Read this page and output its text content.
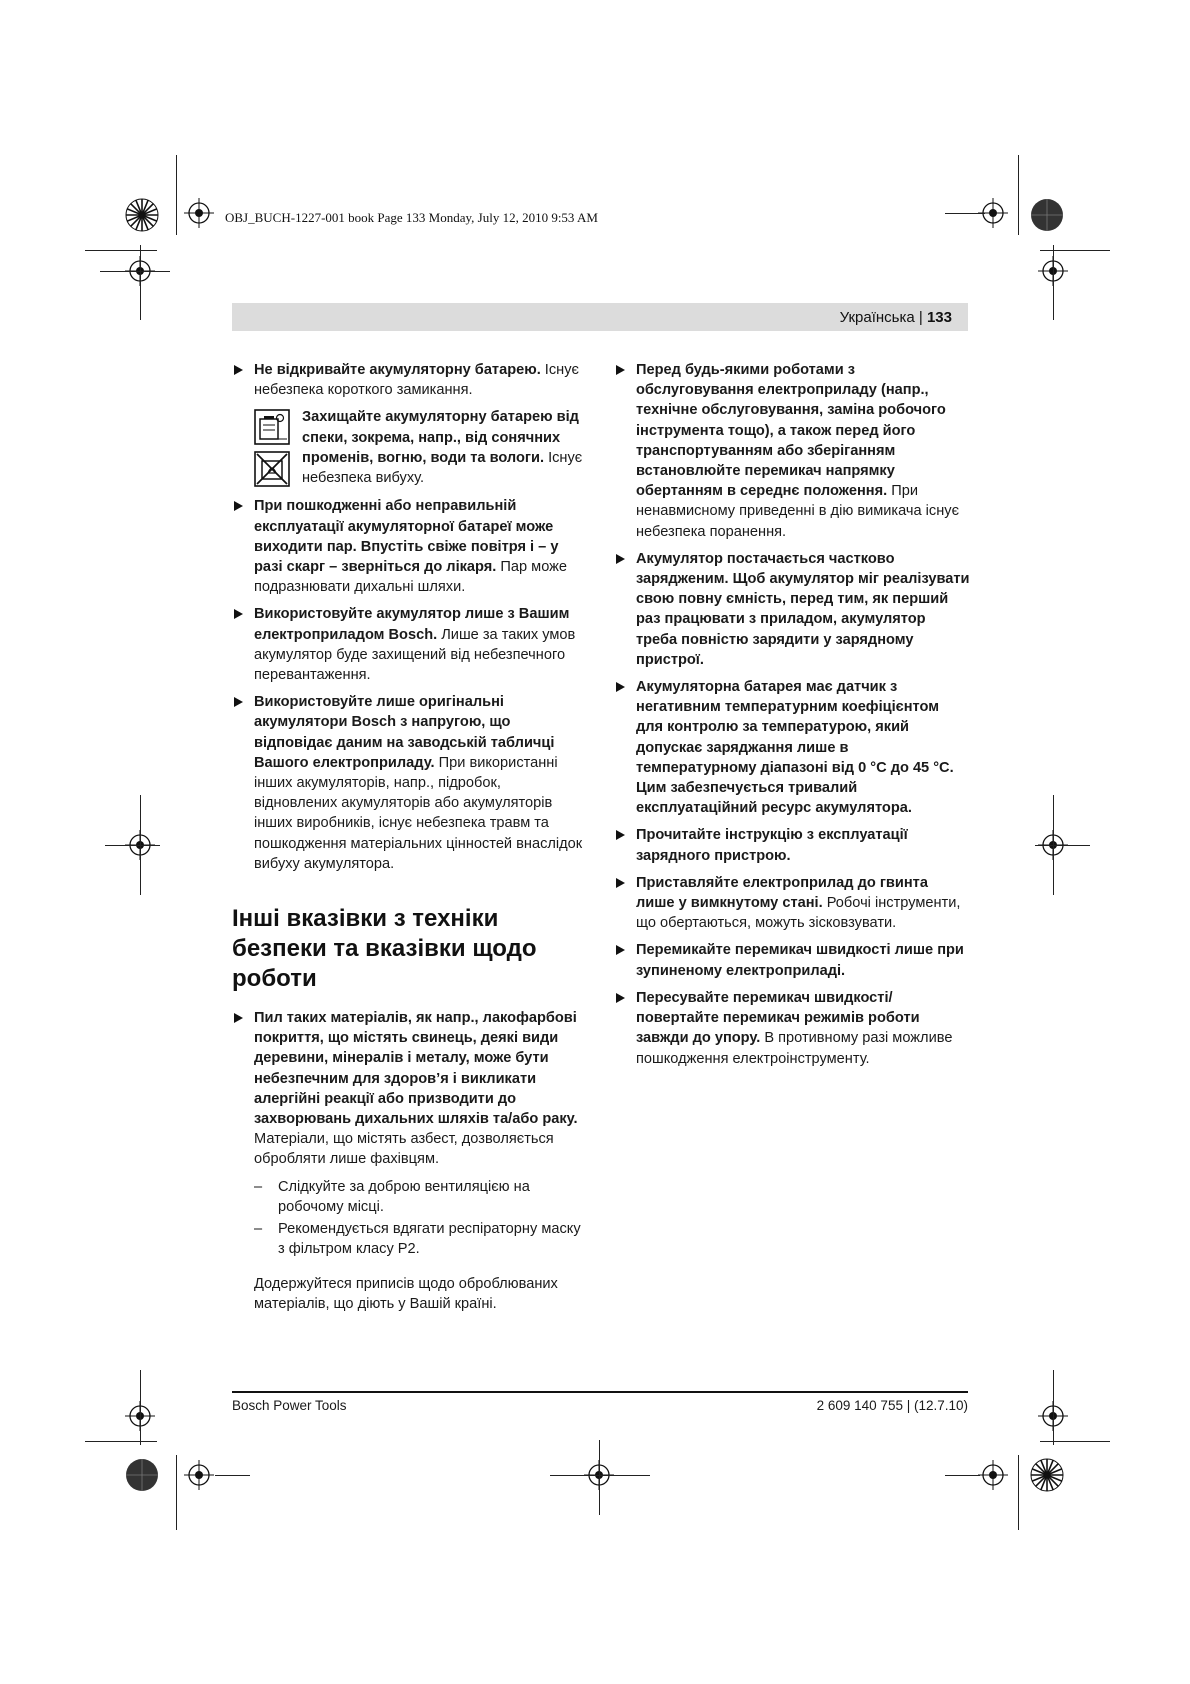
OBJ_BUCH-1227-001 book Page 133 Monday, July 12, 2010 9:53 AM
Українська | 133
Не відкривайте акумуляторну батарею. Існує небезпека короткого замикання.
Захищайте акумуляторну батарею від спеки, зокрема, напр., від сонячних променів, вогню, води та вологи. Існує небезпека вибуху.
При пошкодженні або неправильній експлуатації акумуляторної батареї може виходити пар. Впустіть свіже повітря і – у разі скарг – зверніться до лікаря. Пар може подразнювати дихальні шляхи.
Використовуйте акумулятор лише з Вашим електроприладом Bosch. Лише за таких умов акумулятор буде захищений від небезпечного перевантаження.
Використовуйте лише оригінальні акумулятори Bosch з напругою, що відповідає даним на заводській табличці Вашого електроприладу. При використанні інших акумуляторів, напр., підробок, відновлених акумуляторів або акумуляторів інших виробників, існує небезпека травм та пошкодження матеріальних цінностей внаслідок вибуху акумулятора.
Інші вказівки з техніки безпеки та вказівки щодо роботи
Пил таких матеріалів, як напр., лакофарбові покриття, що містять свинець, деякі види деревини, мінералів і металу, може бути небезпечним для здоров’я і викликати алергійні реакції або призводити до захворювань дихальних шляхів та/або раку. Матеріали, що містять азбест, дозволяється обробляти лише фахівцям.
– Слідкуйте за доброю вентиляцією на робочому місці.
– Рекомендується вдягати респіраторну маску з фільтром класу Р2.
Додержуйтеся приписів щодо оброблюваних матеріалів, що діють у Вашій країні.
Перед будь-якими роботами з обслуговування електроприладу (напр., технічне обслуговування, заміна робочого інструмента тощо), а також перед його транспортуванням або зберіганням встановлюйте перемикач напрямку обертанням в середнє положення. При ненавмисному приведенні в дію вимикача існує небезпека поранення.
Акумулятор постачається частково зарядженим. Щоб акумулятор міг реалізувати свою повну ємність, перед тим, як перший раз працювати з приладом, акумулятор треба повністю зарядити у зарядному пристрої.
Акумуляторна батарея має датчик з негативним температурним коефіцієнтом для контролю за температурою, який допускає заряджання лише в температурному діапазоні від 0 °C до 45 °C. Цим забезпечується тривалий експлуатаційний ресурс акумулятора.
Прочитайте інструкцію з експлуатації зарядного пристрою.
Приставляйте електроприлад до гвинта лише у вимкнутому стані. Робочі інструменти, що обертаються, можуть зісковзувати.
Перемикайте перемикач швидкості лише при зупиненому електроприладі.
Пересувайте перемикач швидкості/повертайте перемикач режимів роботи завжди до упору. В противному разі можливе пошкодження електроінструменту.
Bosch Power Tools	2 609 140 755 | (12.7.10)
